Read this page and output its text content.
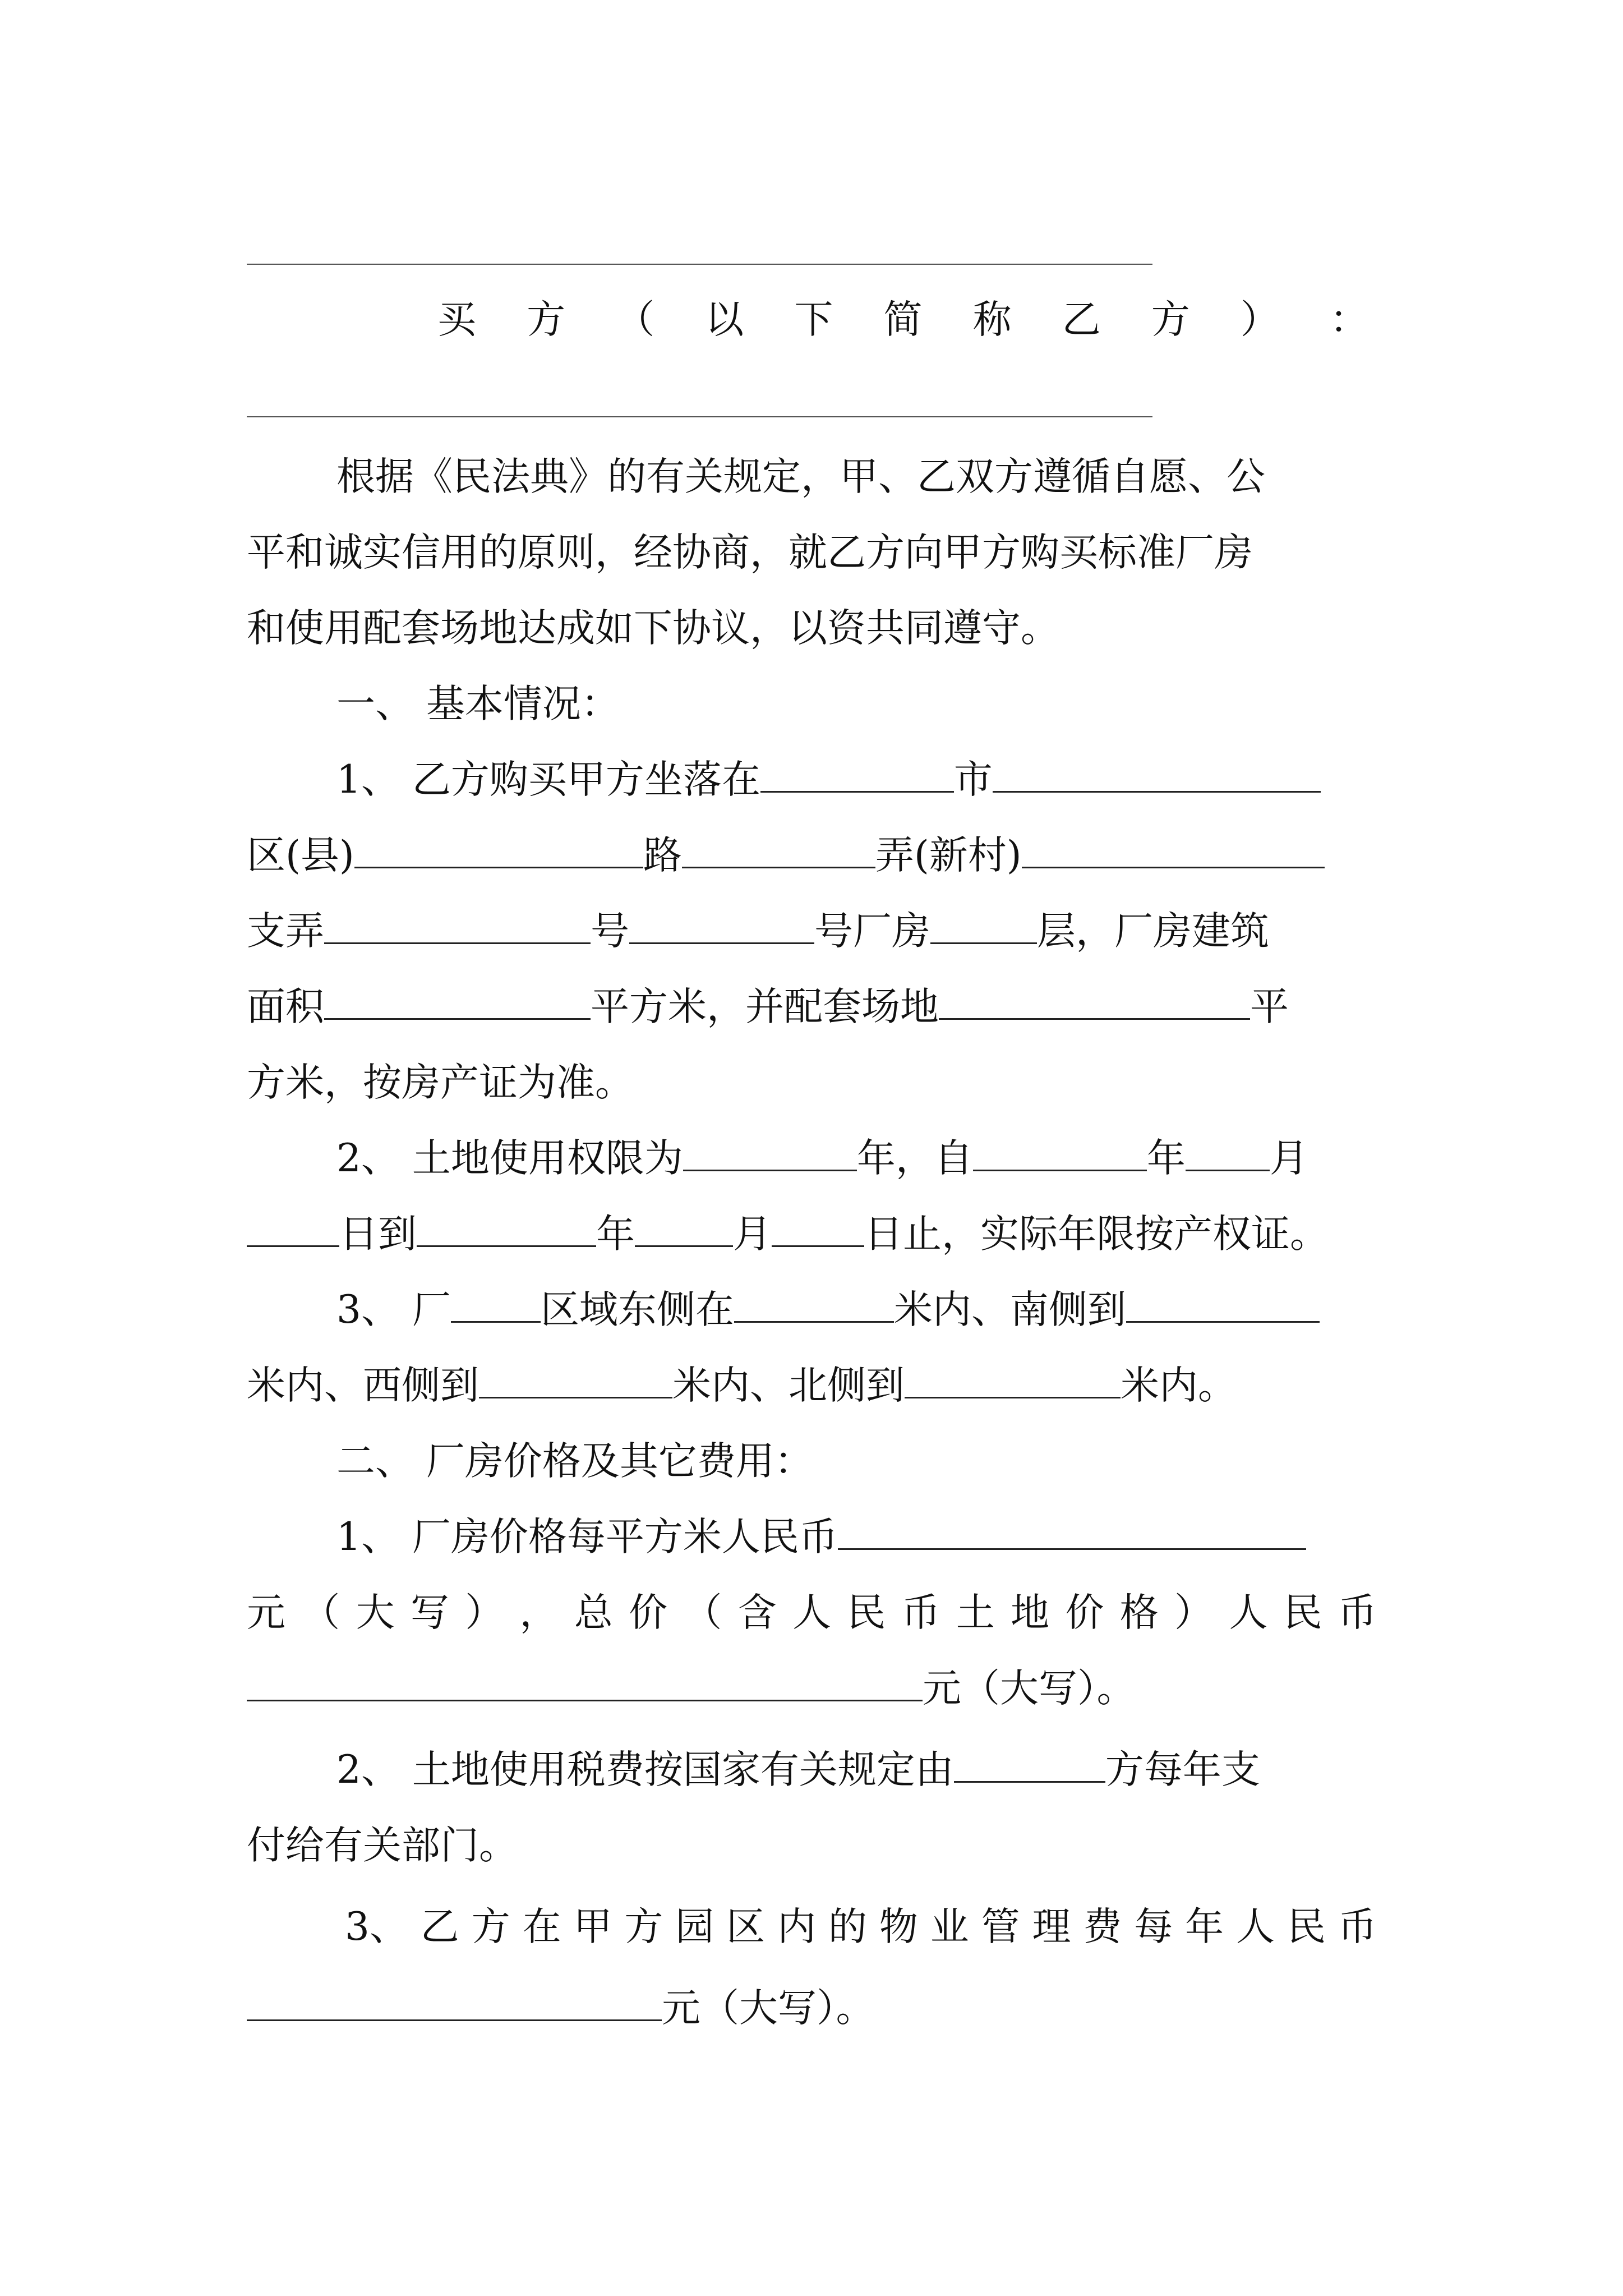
买 方 （ 以 下 简 称 乙 方 ） ：
根据《民法典》的有关规定，甲、乙双方遵循自愿、公
平和诚实信用的原则，经协商，就乙方向甲方购买标准厂房
和使用配套场地达成如下协议，以资共同遵守。
一、 基本情况：
1、 乙方购买甲方坐落在	市
区(县)	路	弄(新村)
支弄	号	号厂房	层，厂房建筑
面积	平方米，并配套场地	平
方米，按房产证为准。
2、 土地使用权限为	年，自	年 月
日到	年	月 日止，实际年限按产权证。
3、 厂 区域东侧在	米内、南侧到
米内、西侧到	米内、北侧到	米内。
二、 厂房价格及其它费用：
1、 厂房价格每平方米人民币
元 （ 大 写 ） ， 总 价 （ 含 人 民 币 土 地 价 格 ） 人 民 币
元（大写）。
2、 土地使用税费按国家有关规定由	方每年支
付给有关部门。
3、 乙 方 在 甲 方 园 区 内 的 物 业 管 理 费 每 年 人 民 币
元（大写）。
